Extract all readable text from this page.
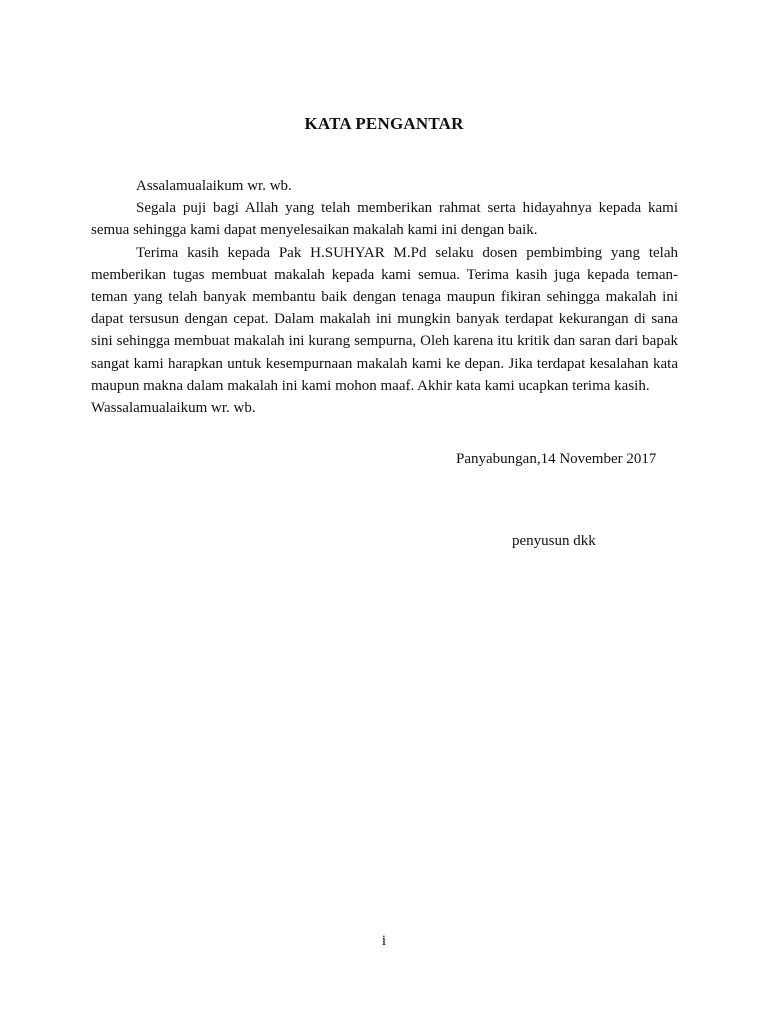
KATA PENGANTAR

Assalamualaikum wr. wb.

Segala puji bagi Allah yang telah memberikan rahmat serta hidayahnya kepada kami semua sehingga kami dapat menyelesaikan makalah kami ini dengan baik.

Terima kasih kepada Pak H.SUHYAR M.Pd selaku dosen pembimbing yang telah memberikan tugas membuat makalah kepada kami semua. Terima kasih juga kepada teman-teman yang telah banyak membantu baik dengan tenaga maupun fikiran sehingga makalah ini dapat tersusun dengan cepat. Dalam makalah ini mungkin banyak terdapat kekurangan di sana sini sehingga membuat makalah ini kurang sempurna, Oleh karena itu kritik dan saran dari bapak sangat kami harapkan untuk kesempurnaan makalah kami ke depan. Jika terdapat kesalahan kata maupun makna dalam makalah ini kami mohon maaf. Akhir kata kami ucapkan terima kasih.

Wassalamualaikum wr. wb.

Panyabungan,14 November 2017
penyusun dkk
i
